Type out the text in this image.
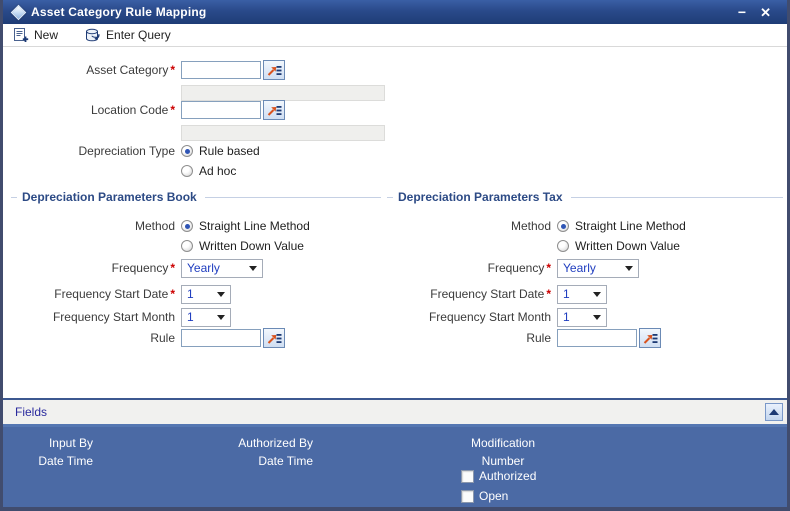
Asset Category Rule Mapping	− ✕
New	Enter Query
Asset Category *
Location Code *
Depreciation Type	Rule based
Ad hoc
Depreciation Parameters Book	Depreciation Parameters Tax
Method	Straight Line Method
Written Down Value
Frequency *	Yearly
Frequency Start Date *	1
Frequency Start Month	1
Rule
Method	Straight Line Method
Written Down Value
Frequency *	Yearly
Frequency Start Date *	1
Frequency Start Month	1
Rule
Fields
Input By
Date Time
Authorized By
Date Time
Modification
Number
Authorized
Open
